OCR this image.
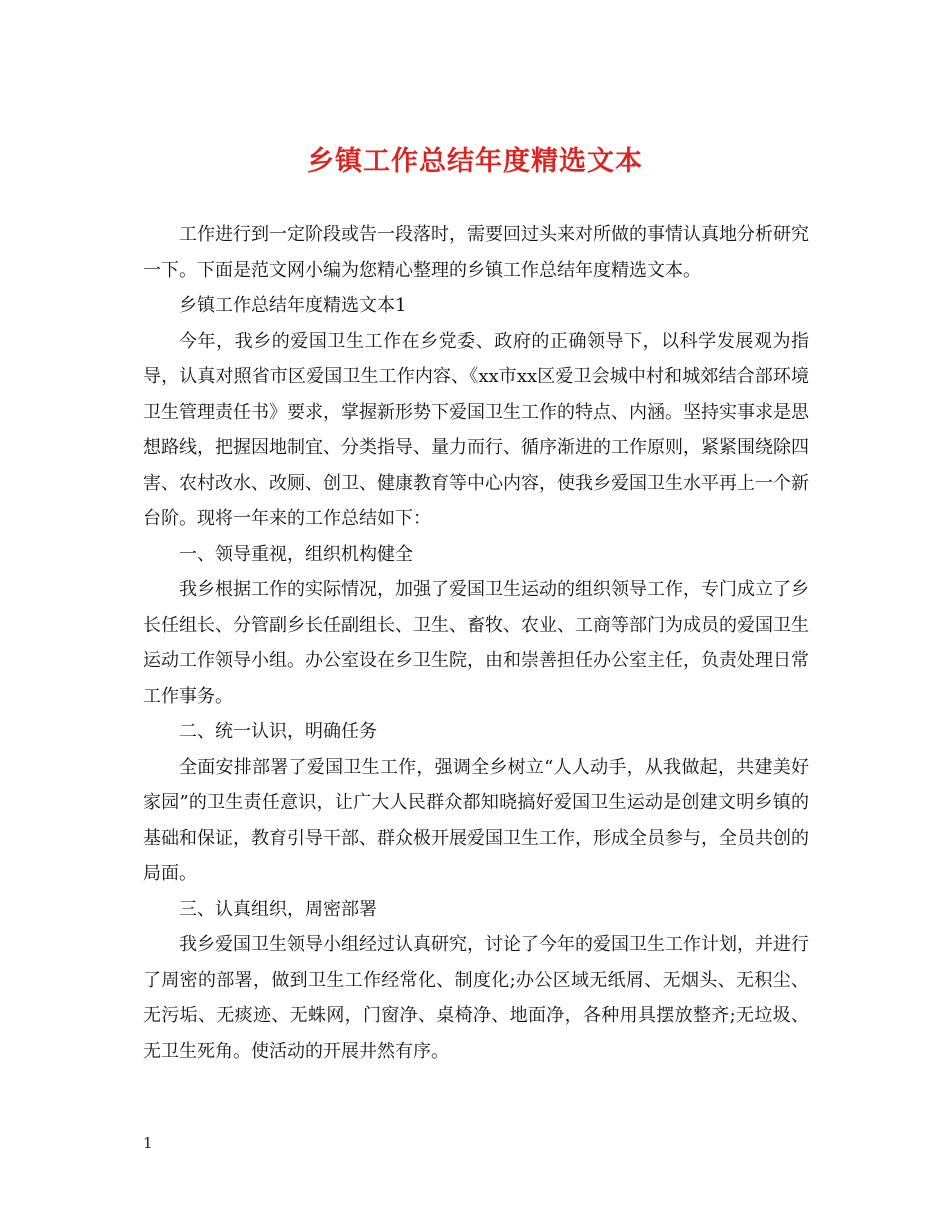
乡镇工作总结年度精选文本

工作进行到一定阶段或告一段落时，需要回过头来对所做的事情认真地分析研究一下。下面是范文网小编为您精心整理的乡镇工作总结年度精选文本。

乡镇工作总结年度精选文本1

今年，我乡的爱国卫生工作在乡党委、政府的正确领导下，以科学发展观为指导，认真对照省市区爱国卫生工作内容、《xx市xx区爱卫会城中村和城郊结合部环境卫生管理责任书》要求，掌握新形势下爱国卫生工作的特点、内涵。坚持实事求是思想路线，把握因地制宜、分类指导、量力而行、循序渐进的工作原则，紧紧围绕除四害、农村改水、改厕、创卫、健康教育等中心内容，使我乡爱国卫生水平再上一个新台阶。现将一年来的工作总结如下：

一、领导重视，组织机构健全

我乡根据工作的实际情况，加强了爱国卫生运动的组织领导工作，专门成立了乡长任组长、分管副乡长任副组长、卫生、畜牧、农业、工商等部门为成员的爱国卫生运动工作领导小组。办公室设在乡卫生院，由和崇善担任办公室主任，负责处理日常工作事务。

二、统一认识，明确任务

全面安排部署了爱国卫生工作，强调全乡树立“人人动手，从我做起，共建美好家园”的卫生责任意识，让广大人民群众都知晓搞好爱国卫生运动是创建文明乡镇的基础和保证，教育引导干部、群众极开展爱国卫生工作，形成全员参与，全员共创的局面。

三、认真组织，周密部署

我乡爱国卫生领导小组经过认真研究，讨论了今年的爱国卫生工作计划，并进行了周密的部署，做到卫生工作经常化、制度化;办公区域无纸屑、无烟头、无积尘、无污垢、无痰迹、无蛛网，门窗净、桌椅净、地面净，各种用具摆放整齐;无垃圾、无卫生死角。使活动的开展井然有序。

1
